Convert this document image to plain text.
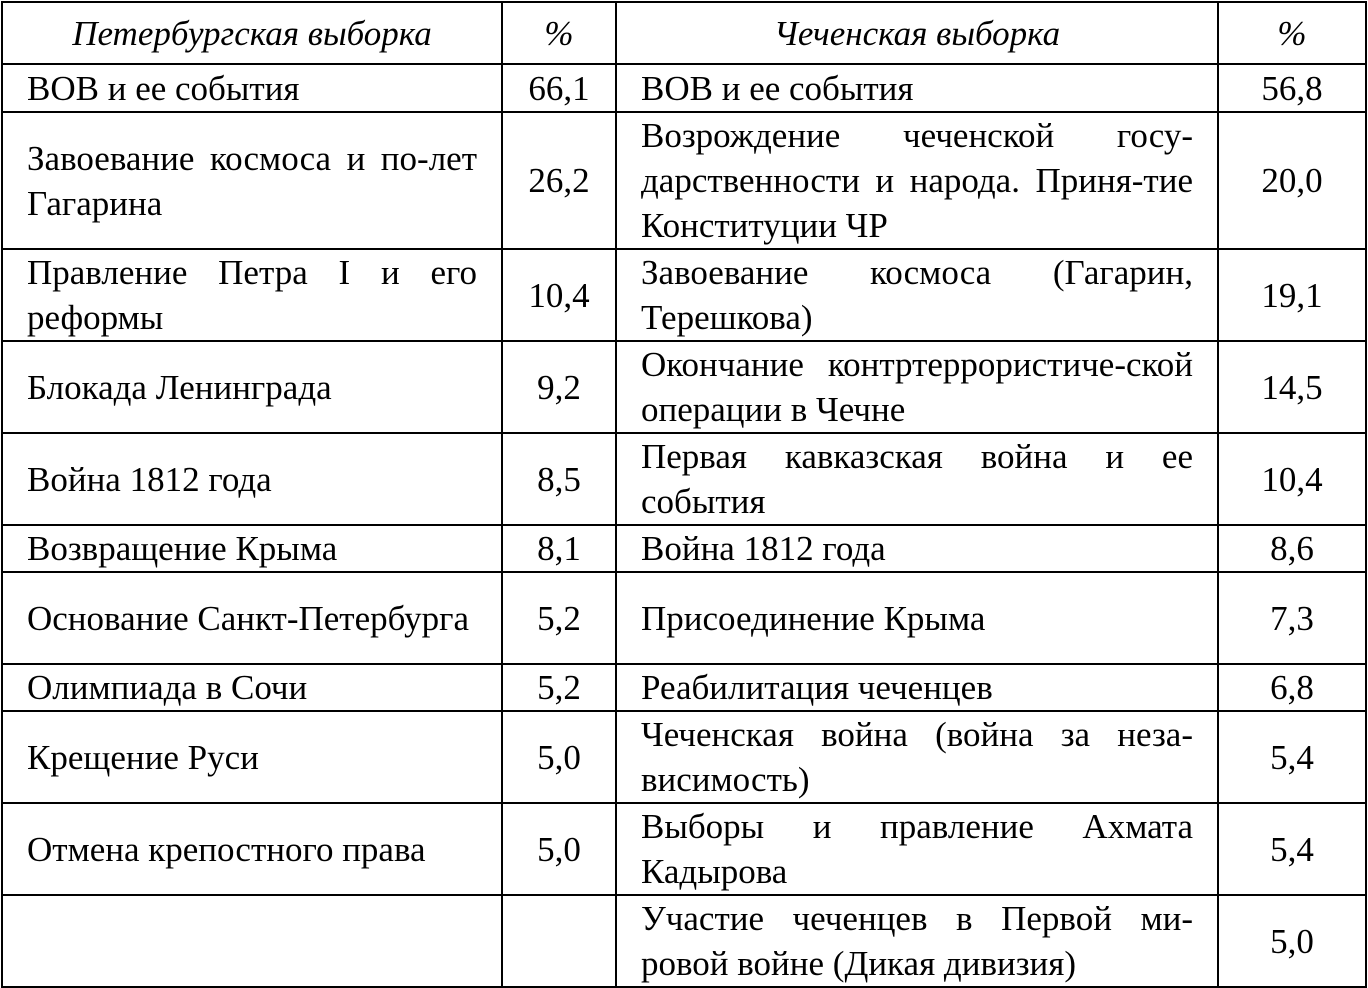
Петербургская выборка	%	Чеченская выборка	%
ВОВ и ее события	66,1	ВОВ и ее события	56,8
Завоевание космоса и по-лет Гагарина	26,2	Возрождение чеченской госу-дарственности и народа. Приня-тие Конституции ЧР	20,0
Правление Петра I и его реформы	10,4	Завоевание космоса (Гагарин, Терешкова)	19,1
Блокада Ленинграда	9,2	Окончание контртеррористиче-ской операции в Чечне	14,5
Война 1812 года	8,5	Первая кавказская война и ее события	10,4
Возвращение Крыма	8,1	Война 1812 года	8,6
Основание Санкт-Петербурга	5,2	Присоединение Крыма	7,3
Олимпиада в Сочи	5,2	Реабилитация чеченцев	6,8
Крещение Руси	5,0	Чеченская война (война за неза-висимость)	5,4
Отмена крепостного права	5,0	Выборы и правление Ахмата Кадырова	5,4
		Участие чеченцев в Первой ми-ровой войне (Дикая дивизия)	5,0
